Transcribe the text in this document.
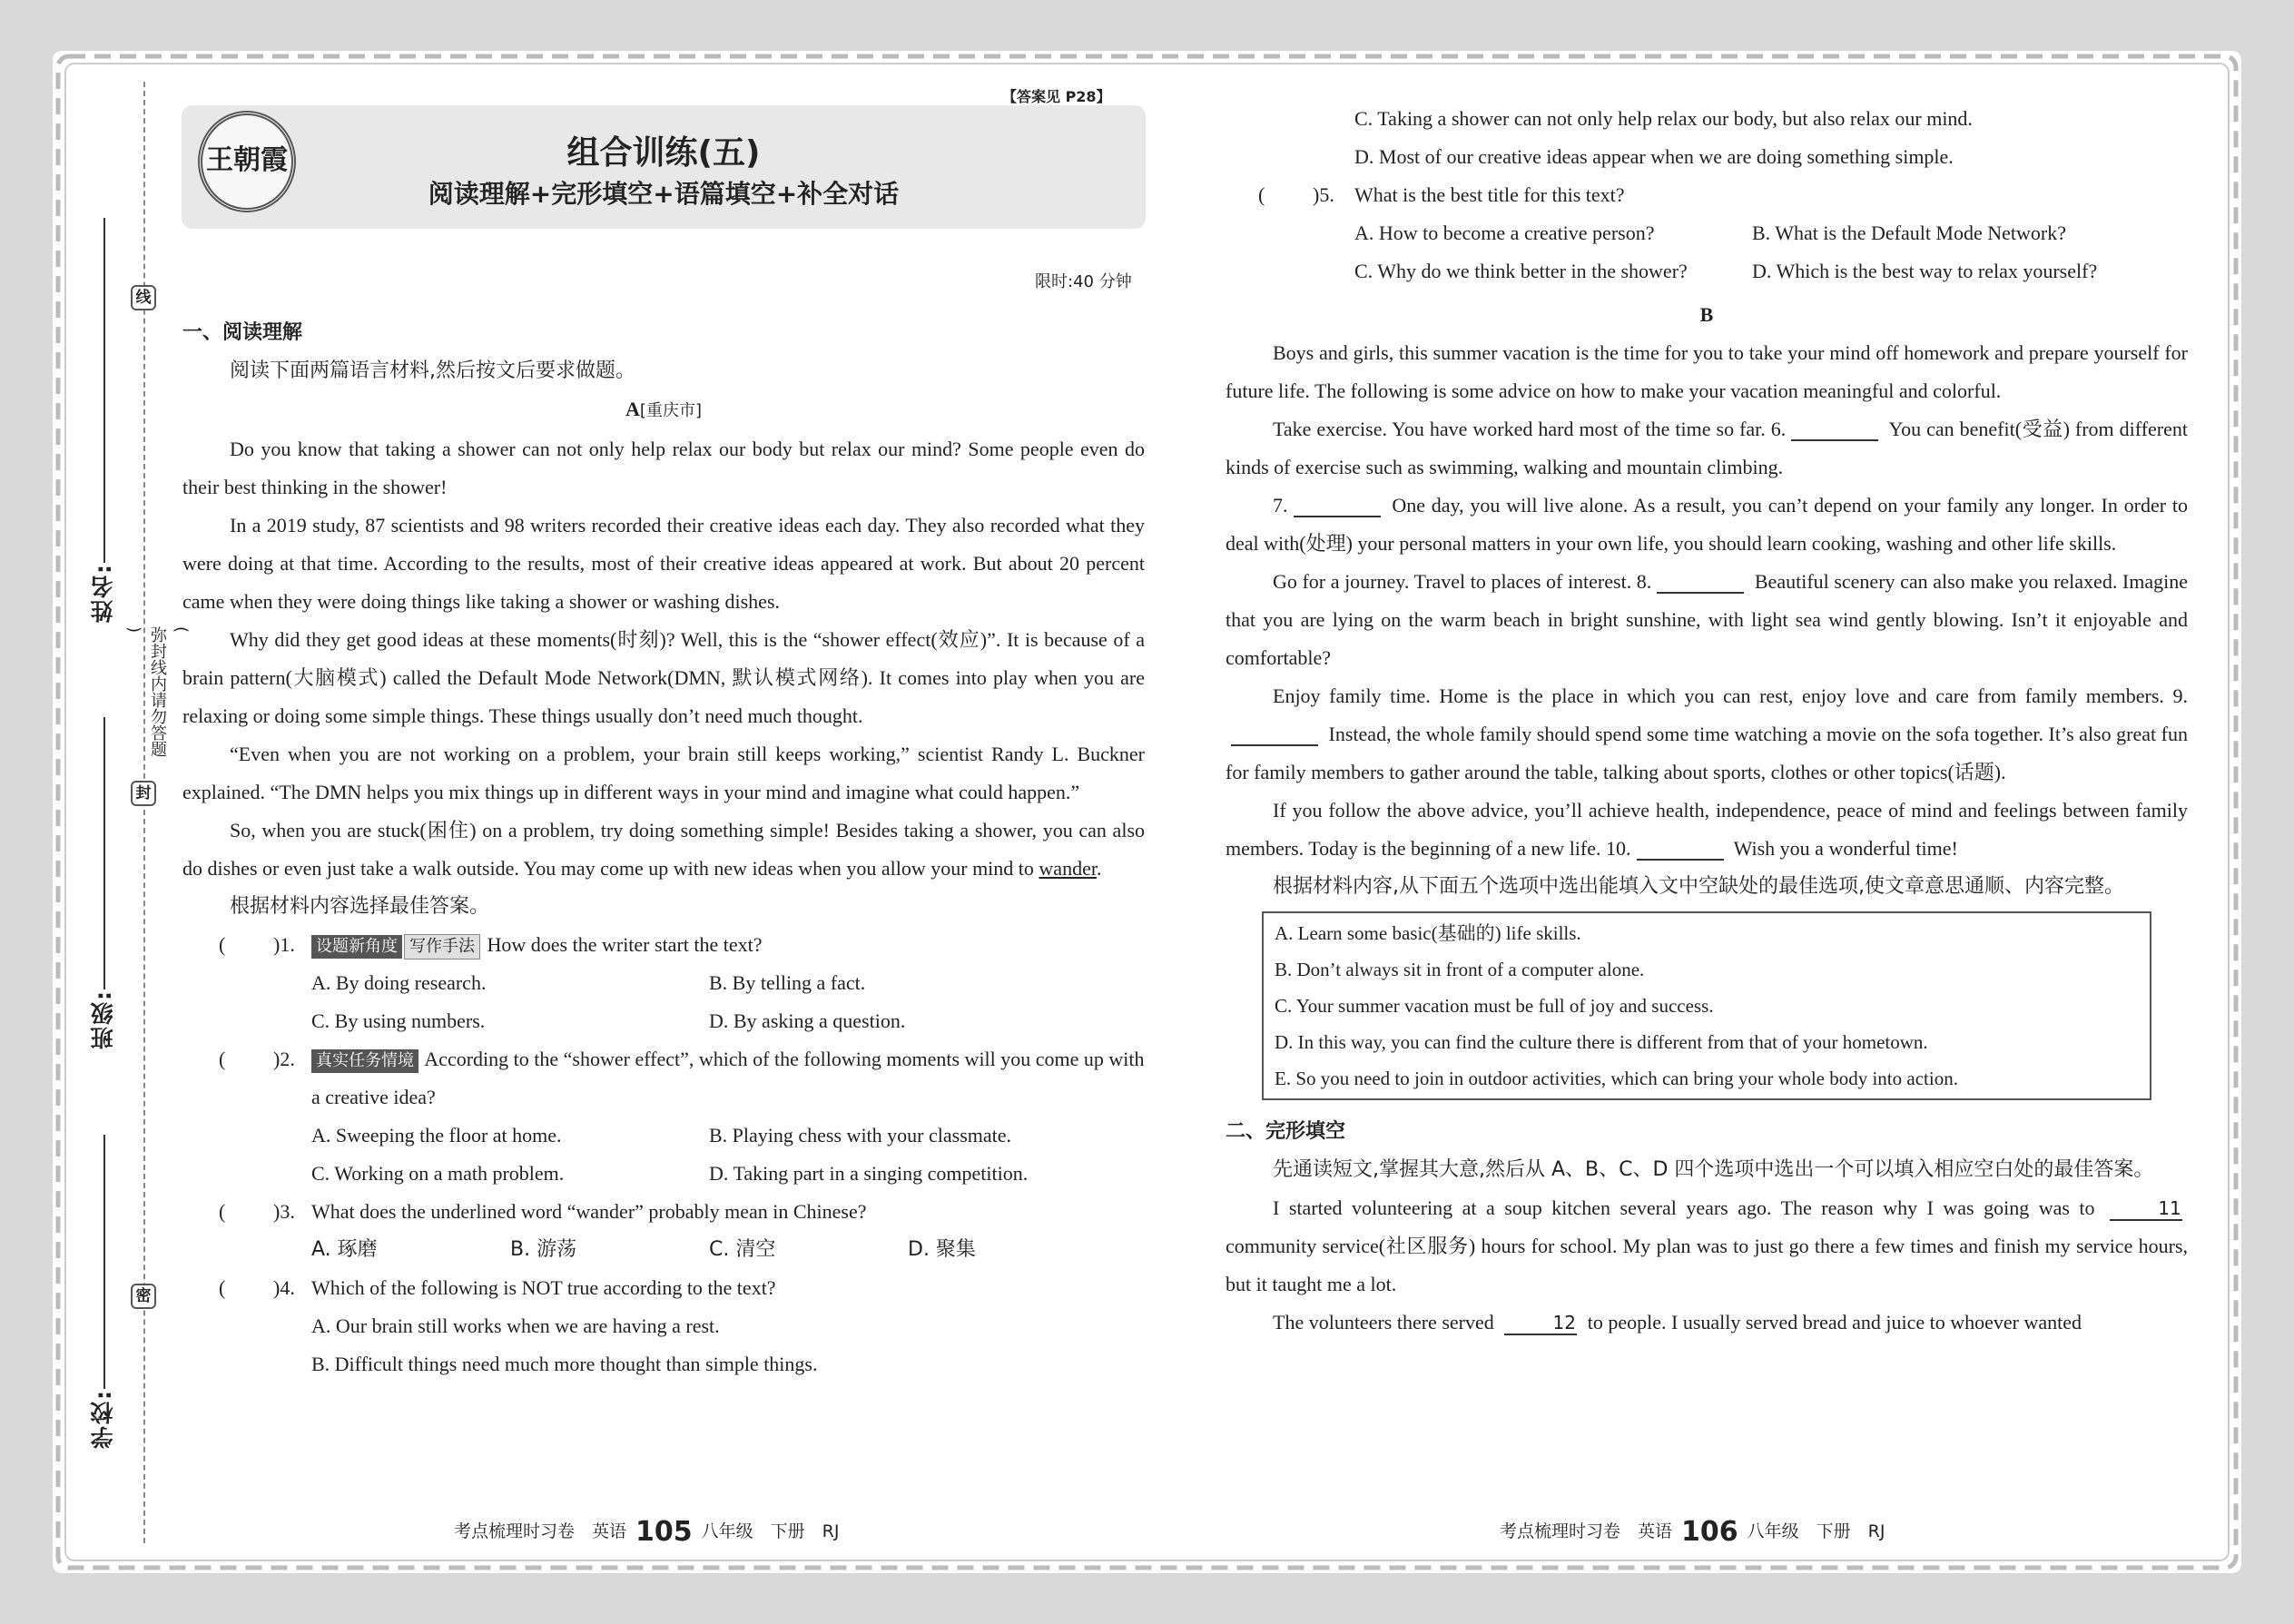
线
封
密
姓名:
班级:
学校:
(
弥封线内请勿答题
)
【答案见 P28】
王朝霞	组合训练(五)
阅读理解+完形填空+语篇填空+补全对话
限时:40 分钟
一、阅读理解
阅读下面两篇语言材料,然后按文后要求做题。
A[重庆市]
Do you know that taking a shower can not only help relax our body but relax our mind? Some people even do their best thinking in the shower!
In a 2019 study, 87 scientists and 98 writers recorded their creative ideas each day. They also recorded what they were doing at that time. According to the results, most of their creative ideas appeared at work. But about 20 percent came when they were doing things like taking a shower or washing dishes.
Why did they get good ideas at these moments(时刻)? Well, this is the “shower effect(效应)”. It is because of a brain pattern(大脑模式) called the Default Mode Network(DMN, 默认模式网络). It comes into play when you are relaxing or doing some simple things. These things usually don’t need much thought.
“Even when you are not working on a problem, your brain still keeps working,” scientist Randy L. Buckner explained. “The DMN helps you mix things up in different ways in your mind and imagine what could happen.”
So, when you are stuck(困住) on a problem, try doing something simple! Besides taking a shower, you can also do dishes or even just take a walk outside. You may come up with new ideas when you allow your mind to wander.
根据材料内容选择最佳答案。
( )1. 设题新角度 写作手法 How does the writer start the text?
A. By doing research.	B. By telling a fact.
C. By using numbers.	D. By asking a question.
( )2. 真实任务情境 According to the “shower effect”, which of the following moments will you come up with a creative idea?
A. Sweeping the floor at home.	B. Playing chess with your classmate.
C. Working on a math problem.	D. Taking part in a singing competition.
( )3. What does the underlined word “wander” probably mean in Chinese?
A. 琢磨	B. 游荡	C. 清空	D. 聚集
( )4. Which of the following is NOT true according to the text?
A. Our brain still works when we are having a rest.
B. Difficult things need much more thought than simple things.
考点梳理时习卷　英语 105 八年级　下册　RJ
C. Taking a shower can not only help relax our body, but also relax our mind.
D. Most of our creative ideas appear when we are doing something simple.
( )5. What is the best title for this text?
A. How to become a creative person?	B. What is the Default Mode Network?
C. Why do we think better in the shower?	D. Which is the best way to relax yourself?
B
Boys and girls, this summer vacation is the time for you to take your mind off homework and prepare yourself for future life. The following is some advice on how to make your vacation meaningful and colorful.
Take exercise. You have worked hard most of the time so far. 6.	You can benefit(受益) from different kinds of exercise such as swimming, walking and mountain climbing.
7.	One day, you will live alone. As a result, you can’t depend on your family any longer. In order to deal with(处理) your personal matters in your own life, you should learn cooking, washing and other life skills.
Go for a journey. Travel to places of interest. 8.	Beautiful scenery can also make you relaxed. Imagine that you are lying on the warm beach in bright sunshine, with light sea wind gently blowing. Isn’t it enjoyable and comfortable?
Enjoy family time. Home is the place in which you can rest, enjoy love and care from family members. 9. Instead, the whole family should spend some time watching a movie on the sofa together. It’s also great fun for family members to gather around the table, talking about sports, clothes or other topics(话题).
If you follow the above advice, you’ll achieve health, independence, peace of mind and feelings between family members. Today is the beginning of a new life. 10.	Wish you a wonderful time!
根据材料内容,从下面五个选项中选出能填入文中空缺处的最佳选项,使文章意思通顺、内容完整。
A. Learn some basic(基础的) life skills.
B. Don’t always sit in front of a computer alone.
C. Your summer vacation must be full of joy and success.
D. In this way, you can find the culture there is different from that of your hometown.
E. So you need to join in outdoor activities, which can bring your whole body into action.
二、完形填空
先通读短文,掌握其大意,然后从 A、B、C、D 四个选项中选出一个可以填入相应空白处的最佳答案。
I started volunteering at a soup kitchen several years ago. The reason why I was going was to	11 community service(社区服务) hours for school. My plan was to just go there a few times and finish my service hours, but it taught me a lot.
The volunteers there served	12 to people. I usually served bread and juice to whoever wanted
考点梳理时习卷　英语 106 八年级　下册　RJ
